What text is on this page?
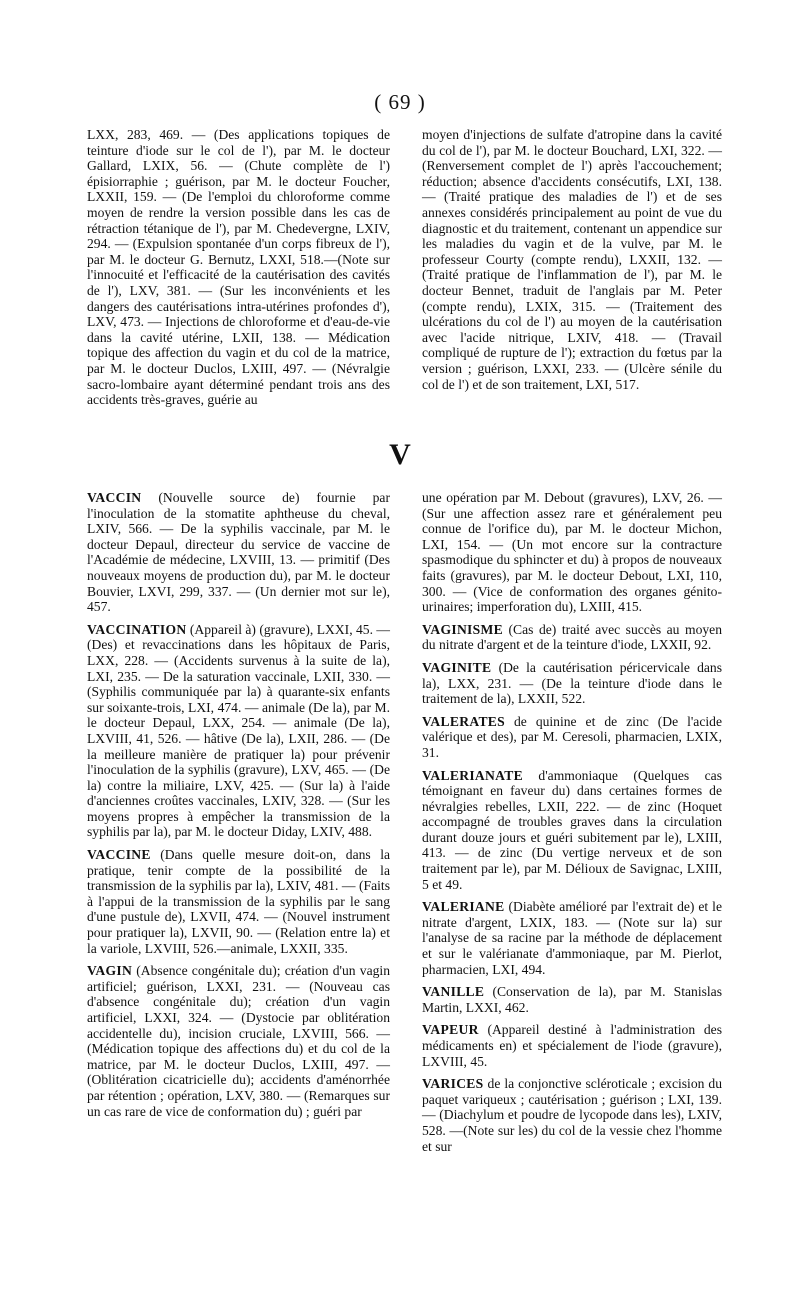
( 69 )

LXX, 283, 469. — (Des applications topiques de teinture d'iode sur le col de l'), par M. le docteur Gallard, LXIX, 56. — (Chute complète de l') épisiorraphie ; guérison, par M. le docteur Foucher, LXXII, 159. — (De l'emploi du chloroforme comme moyen de rendre la version possible dans les cas de rétraction tétanique de l'), par M. Chedevergne, LXIV, 294. — (Expulsion spontanée d'un corps fibreux de l'), par M. le docteur G. Bernutz, LXXI, 518.—(Note sur l'innocuité et l'efficacité de la cautérisation des cavités de l'), LXV, 381. — (Sur les inconvénients et les dangers des cautérisations intra-utérines profondes d'), LXV, 473. — Injections de chloroforme et d'eau-de-vie dans la cavité utérine, LXII, 138. — Médication topique des affection du vagin et du col de la matrice, par M. le docteur Duclos, LXIII, 497. — (Névralgie sacro-lombaire ayant déterminé pendant trois ans des accidents très-graves, guérie au

moyen d'injections de sulfate d'atropine dans la cavité du col de l'), par M. le docteur Bouchard, LXI, 322. — (Renversement complet de l') après l'accouchement; réduction; absence d'accidents consécutifs, LXI, 138. — (Traité pratique des maladies de l') et de ses annexes considérés principalement au point de vue du diagnostic et du traitement, contenant un appendice sur les maladies du vagin et de la vulve, par M. le professeur Courty (compte rendu), LXXII, 132. — (Traité pratique de l'inflammation de l'), par M. le docteur Bennet, traduit de l'anglais par M. Peter (compte rendu), LXIX, 315. — (Traitement des ulcérations du col de l') au moyen de la cautérisation avec l'acide nitrique, LXIV, 418. — (Travail compliqué de rupture de l'); extraction du fœtus par la version ; guérison, LXXI, 233. — (Ulcère sénile du col de l') et de son traitement, LXI, 517.

V
VACCIN (Nouvelle source de) fournie par l'inoculation de la stomatite aphtheuse du cheval, LXIV, 566. — De la syphilis vaccinale, par M. le docteur Depaul, directeur du service de vaccine de l'Académie de médecine, LXVIII, 13. — primitif (Des nouveaux moyens de production du), par M. le docteur Bouvier, LXVI, 299, 337. — (Un dernier mot sur le), 457.
VACCINATION (Appareil à) (gravure), LXXI, 45. — (Des) et revaccinations dans les hôpitaux de Paris, LXX, 228. — (Accidents survenus à la suite de la), LXI, 235. — De la saturation vaccinale, LXII, 330. — (Syphilis communiquée par la) à quarante-six enfants sur soixante-trois, LXI, 474. — animale (De la), par M. le docteur Depaul, LXX, 254. — animale (De la), LXVIII, 41, 526. — hâtive (De la), LXII, 286. — (De la meilleure manière de pratiquer la) pour prévenir l'inoculation de la syphilis (gravure), LXV, 465. — (De la) contre la miliaire, LXV, 425. — (Sur la) à l'aide d'anciennes croûtes vaccinales, LXIV, 328. — (Sur les moyens propres à empêcher la transmission de la syphilis par la), par M. le docteur Diday, LXIV, 488.
VACCINE (Dans quelle mesure doit-on, dans la pratique, tenir compte de la possibilité de la transmission de la syphilis par la), LXIV, 481. — (Faits à l'appui de la transmission de la syphilis par le sang d'une pustule de), LXVII, 474. — (Nouvel instrument pour pratiquer la), LXVII, 90. — (Relation entre la) et la variole, LXVIII, 526.—animale, LXXII, 335.
VAGIN (Absence congénitale du); création d'un vagin artificiel; guérison, LXXI, 231. — (Nouveau cas d'absence congénitale du); création d'un vagin artificiel, LXXI, 324. — (Dystocie par oblitération accidentelle du), incision cruciale, LXVIII, 566. — (Médication topique des affections du) et du col de la matrice, par M. le docteur Duclos, LXIII, 497. — (Oblitération cicatricielle du); accidents d'aménorrhée par rétention ; opération, LXV, 380. — (Remarques sur un cas rare de vice de conformation du) ; guéri par
une opération par M. Debout (gravures), LXV, 26. — (Sur une affection assez rare et généralement peu connue de l'orifice du), par M. le docteur Michon, LXI, 154. — (Un mot encore sur la contracture spasmodique du sphincter et du) à propos de nouveaux faits (gravures), par M. le docteur Debout, LXI, 110, 300. — (Vice de conformation des organes génito-urinaires; imperforation du), LXIII, 415.
VAGINISME (Cas de) traité avec succès au moyen du nitrate d'argent et de la teinture d'iode, LXXII, 92.
VAGINITE (De la cautérisation péricervicale dans la), LXX, 231. — (De la teinture d'iode dans le traitement de la), LXXII, 522.
VALERATES de quinine et de zinc (De l'acide valérique et des), par M. Ceresoli, pharmacien, LXIX, 31.
VALERIANATE d'ammoniaque (Quelques cas témoignant en faveur du) dans certaines formes de névralgies rebelles, LXII, 222. — de zinc (Hoquet accompagné de troubles graves dans la circulation durant douze jours et guéri subitement par le), LXIII, 413. — de zinc (Du vertige nerveux et de son traitement par le), par M. Délioux de Savignac, LXIII, 5 et 49.
VALERIANE (Diabète amélioré par l'extrait de) et le nitrate d'argent, LXIX, 183. — (Note sur la) sur l'analyse de sa racine par la méthode de déplacement et sur le valérianate d'ammoniaque, par M. Pierlot, pharmacien, LXI, 494.
VANILLE (Conservation de la), par M. Stanislas Martin, LXXI, 462.
VAPEUR (Appareil destiné à l'administration des médicaments en) et spécialement de l'iode (gravure), LXVIII, 45.
VARICES de la conjonctive scléroticale ; excision du paquet variqueux ; cautérisation ; guérison ; LXI, 139. — (Diachylum et poudre de lycopode dans les), LXIV, 528. —(Note sur les) du col de la vessie chez l'homme et sur
